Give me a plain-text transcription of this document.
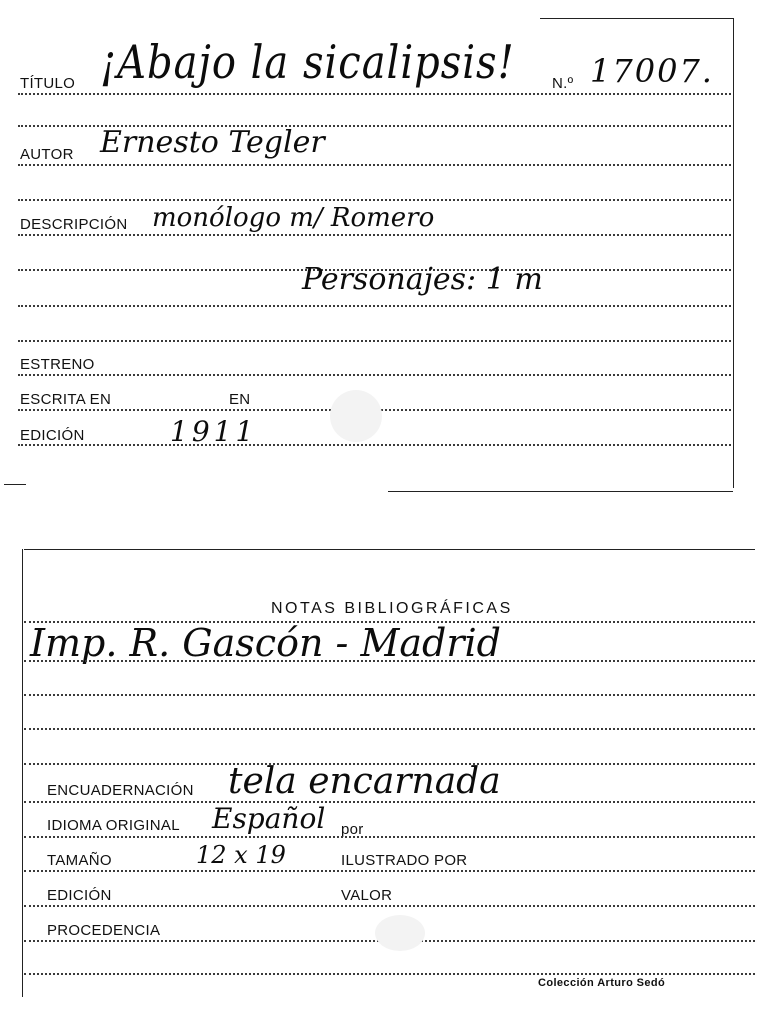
TÍTULO ¡Abajo la sicalipsis! N.º 17007.
AUTOR Ernesto Tegler
DESCRIPCIÓN monólogo m/ Romero
Personajes: 1 m
ESTRENO
ESCRITA EN	EN
EDICIÓN	1911
NOTAS BIBLIOGRÁFICAS
Imp. R. Gascón - Madrid
ENCUADERNACIÓN tela encarnada
IDIOMA ORIGINAL Español por
TAMAÑO	12 x 19	ILUSTRADO POR
EDICIÓN	VALOR
PROCEDENCIA
Colección Arturo Sedó
